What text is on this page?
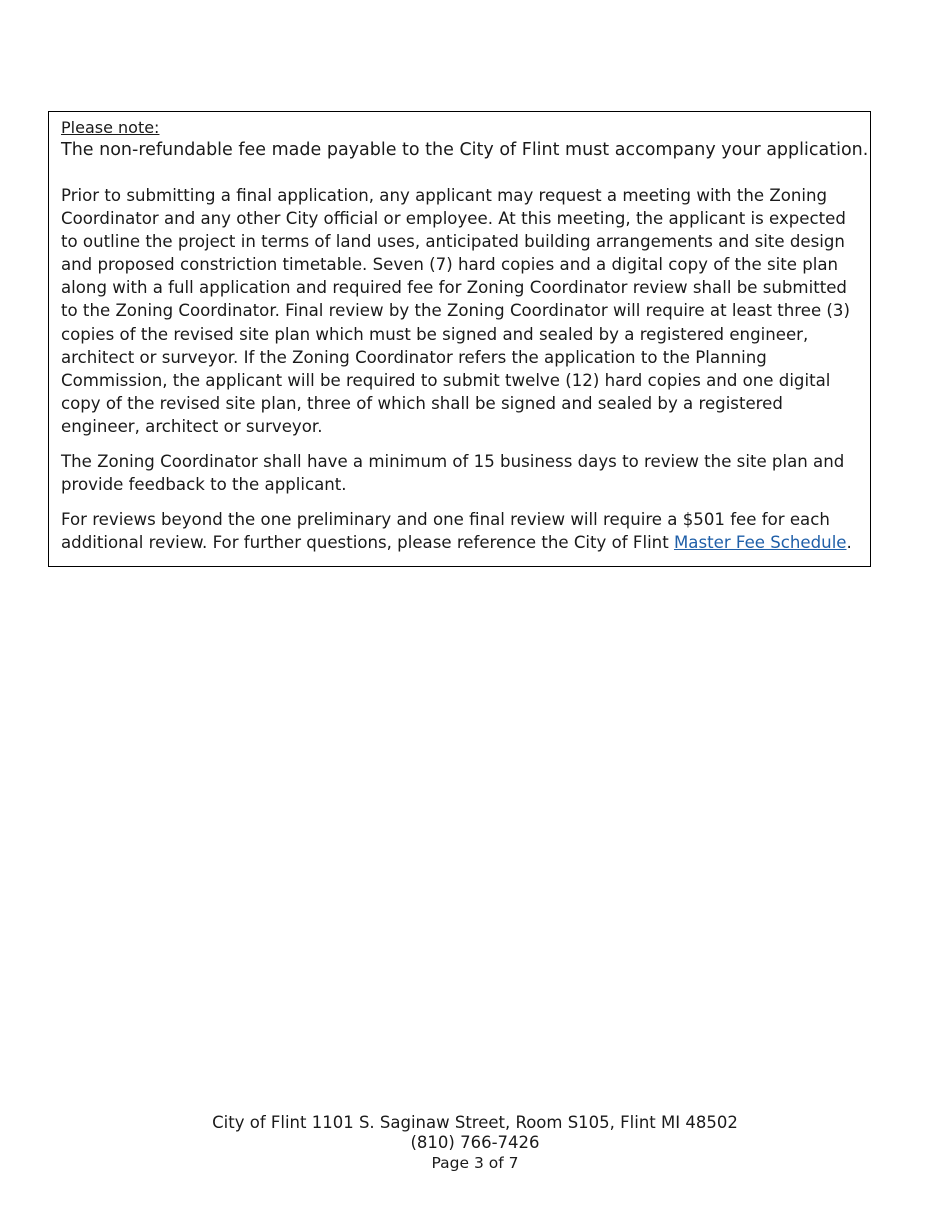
Please note:

The non-refundable fee made payable to the City of Flint must accompany your application.

Prior to submitting a final application, any applicant may request a meeting with the Zoning Coordinator and any other City official or employee. At this meeting, the applicant is expected to outline the project in terms of land uses, anticipated building arrangements and site design and proposed constriction timetable. Seven (7) hard copies and a digital copy of the site plan along with a full application and required fee for Zoning Coordinator review shall be submitted to the Zoning Coordinator. Final review by the Zoning Coordinator will require at least three (3) copies of the revised site plan which must be signed and sealed by a registered engineer, architect or surveyor. If the Zoning Coordinator refers the application to the Planning Commission, the applicant will be required to submit twelve (12) hard copies and one digital copy of the revised site plan, three of which shall be signed and sealed by a registered engineer, architect or surveyor.

The Zoning Coordinator shall have a minimum of 15 business days to review the site plan and provide feedback to the applicant.

For reviews beyond the one preliminary and one final review will require a $501 fee for each additional review. For further questions, please reference the City of Flint Master Fee Schedule.

City of Flint 1101 S. Saginaw Street, Room S105, Flint MI 48502

(810) 766-7426

Page 3 of 7
